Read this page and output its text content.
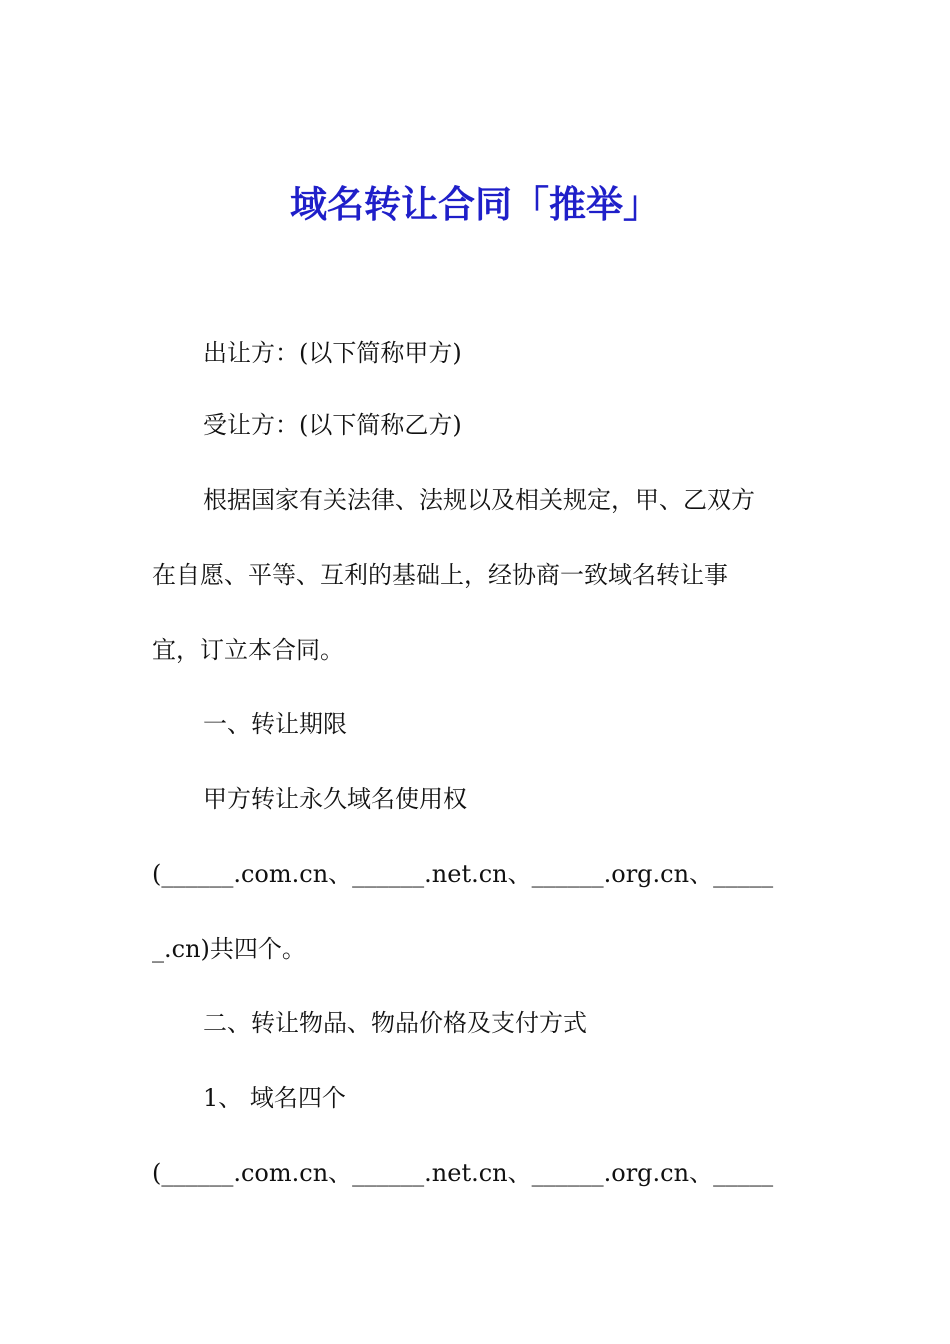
域名转让合同「推举」
出让方：(以下简称甲方)
受让方：(以下简称乙方)
根据国家有关法律、法规以及相关规定，甲、乙双方
在自愿、平等、互利的基础上，经协商一致域名转让事
宜，订立本合同。
一、转让期限
甲方转让永久域名使用权
(______.com.cn、______.net.cn、______.org.cn、_____
_.cn)共四个。
二、转让物品、物品价格及支付方式
1、 域名四个
(______.com.cn、______.net.cn、______.org.cn、_____
